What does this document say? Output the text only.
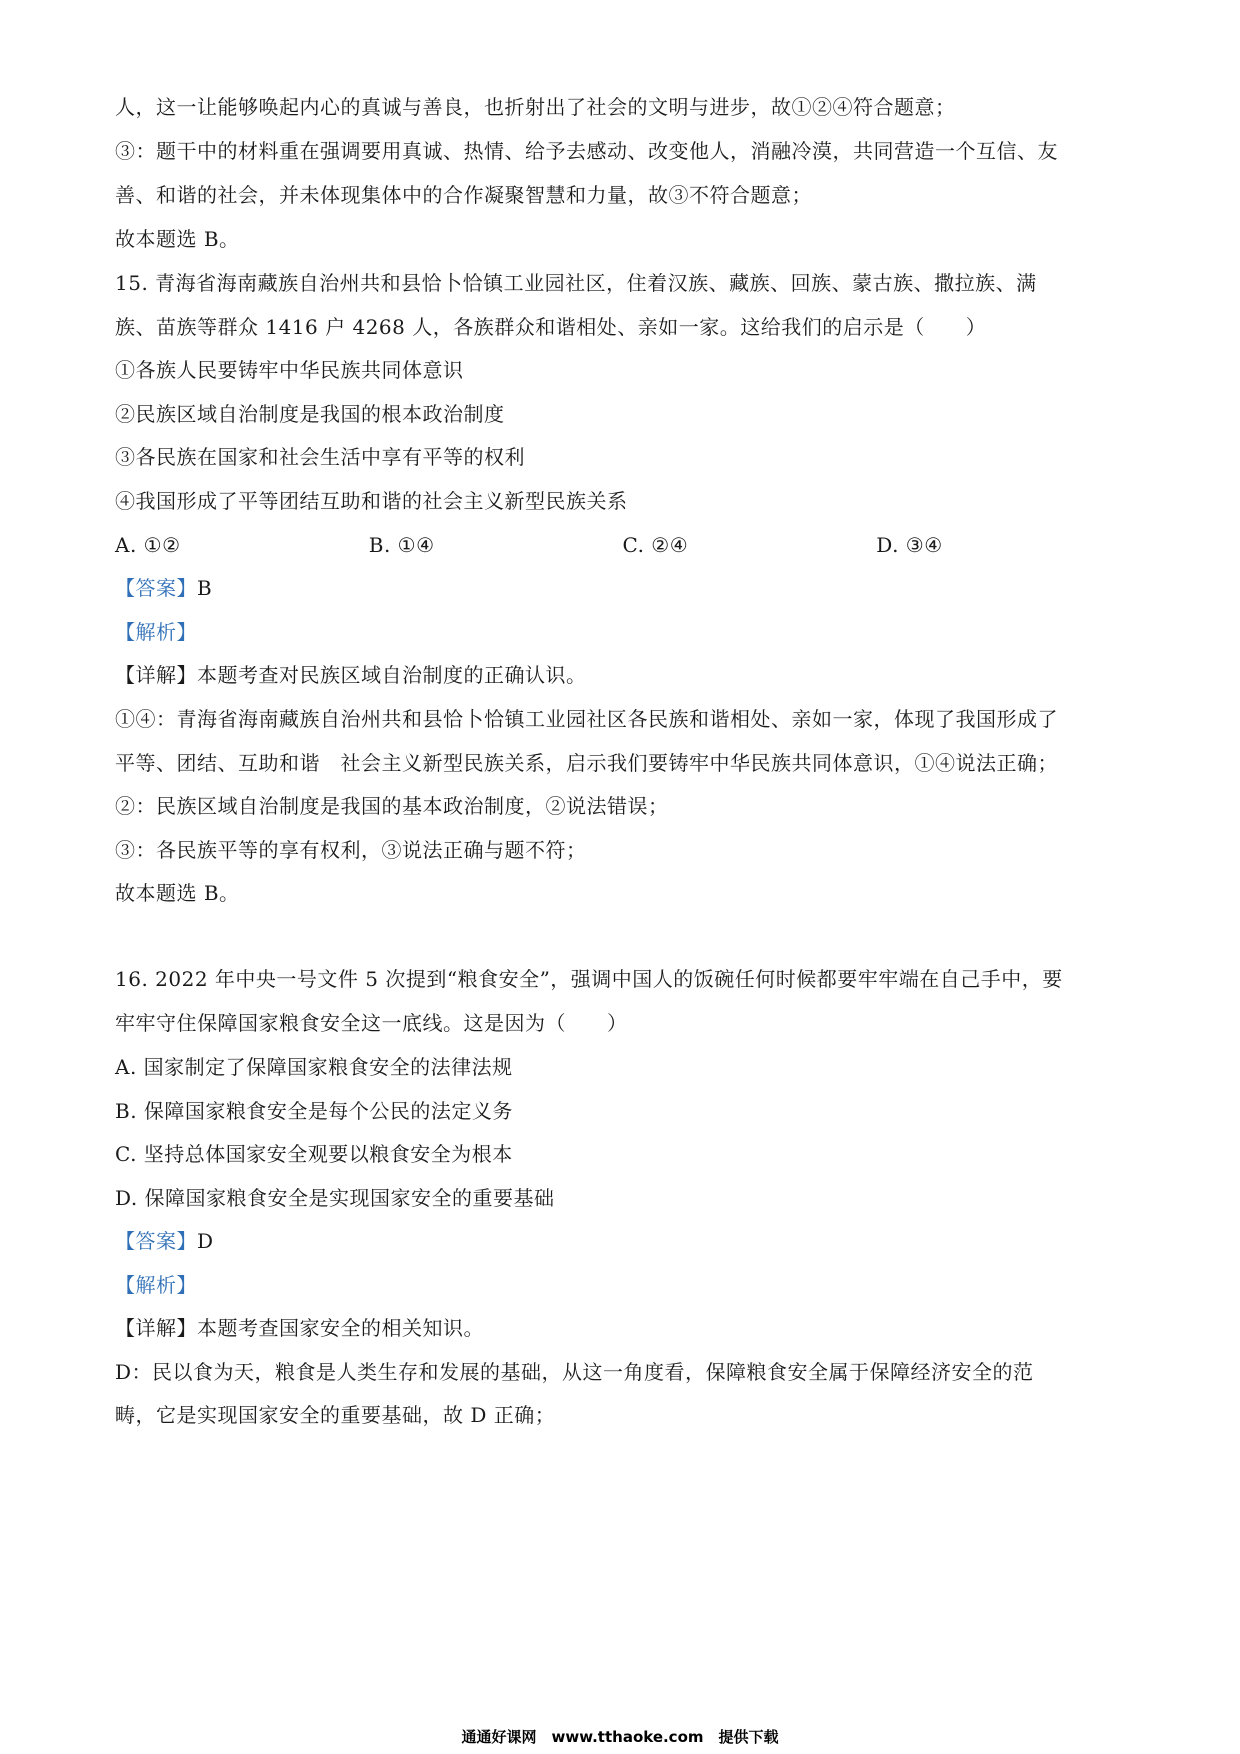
人，这一让能够唤起内心的真诚与善良，也折射出了社会的文明与进步，故①②④符合题意；
③：题干中的材料重在强调要用真诚、热情、给予去感动、改变他人，消融冷漠，共同营造一个互信、友
善、和谐的社会，并未体现集体中的合作凝聚智慧和力量，故③不符合题意；
故本题选 B。
15. 青海省海南藏族自治州共和县恰卜恰镇工业园社区，住着汉族、藏族、回族、蒙古族、撒拉族、满
族、苗族等群众 1416 户 4268 人，各族群众和谐相处、亲如一家。这给我们的启示是（　　）
①各族人民要铸牢中华民族共同体意识
②民族区域自治制度是我国的根本政治制度
③各民族在国家和社会生活中享有平等的权利
④我国形成了平等团结互助和谐的社会主义新型民族关系
A. ①②	B. ①④	C. ②④	D. ③④
【答案】B
【解析】
【详解】本题考查对民族区域自治制度的正确认识。
①④：青海省海南藏族自治州共和县恰卜恰镇工业园社区各民族和谐相处、亲如一家，体现了我国形成了
平等、团结、互助和谐　社会主义新型民族关系，启示我们要铸牢中华民族共同体意识，①④说法正确；
②：民族区域自治制度是我国的基本政治制度，②说法错误；
③：各民族平等的享有权利，③说法正确与题不符；
故本题选 B。
16. 2022 年中央一号文件 5 次提到“粮食安全”，强调中国人的饭碗任何时候都要牢牢端在自己手中，要
牢牢守住保障国家粮食安全这一底线。这是因为（　　）
A. 国家制定了保障国家粮食安全的法律法规
B. 保障国家粮食安全是每个公民的法定义务
C. 坚持总体国家安全观要以粮食安全为根本
D. 保障国家粮食安全是实现国家安全的重要基础
【答案】D
【解析】
【详解】本题考查国家安全的相关知识。
D：民以食为天，粮食是人类生存和发展的基础，从这一角度看，保障粮食安全属于保障经济安全的范
畴，它是实现国家安全的重要基础，故 D 正确；
通通好课网　www.tthaoke.com　提供下载
